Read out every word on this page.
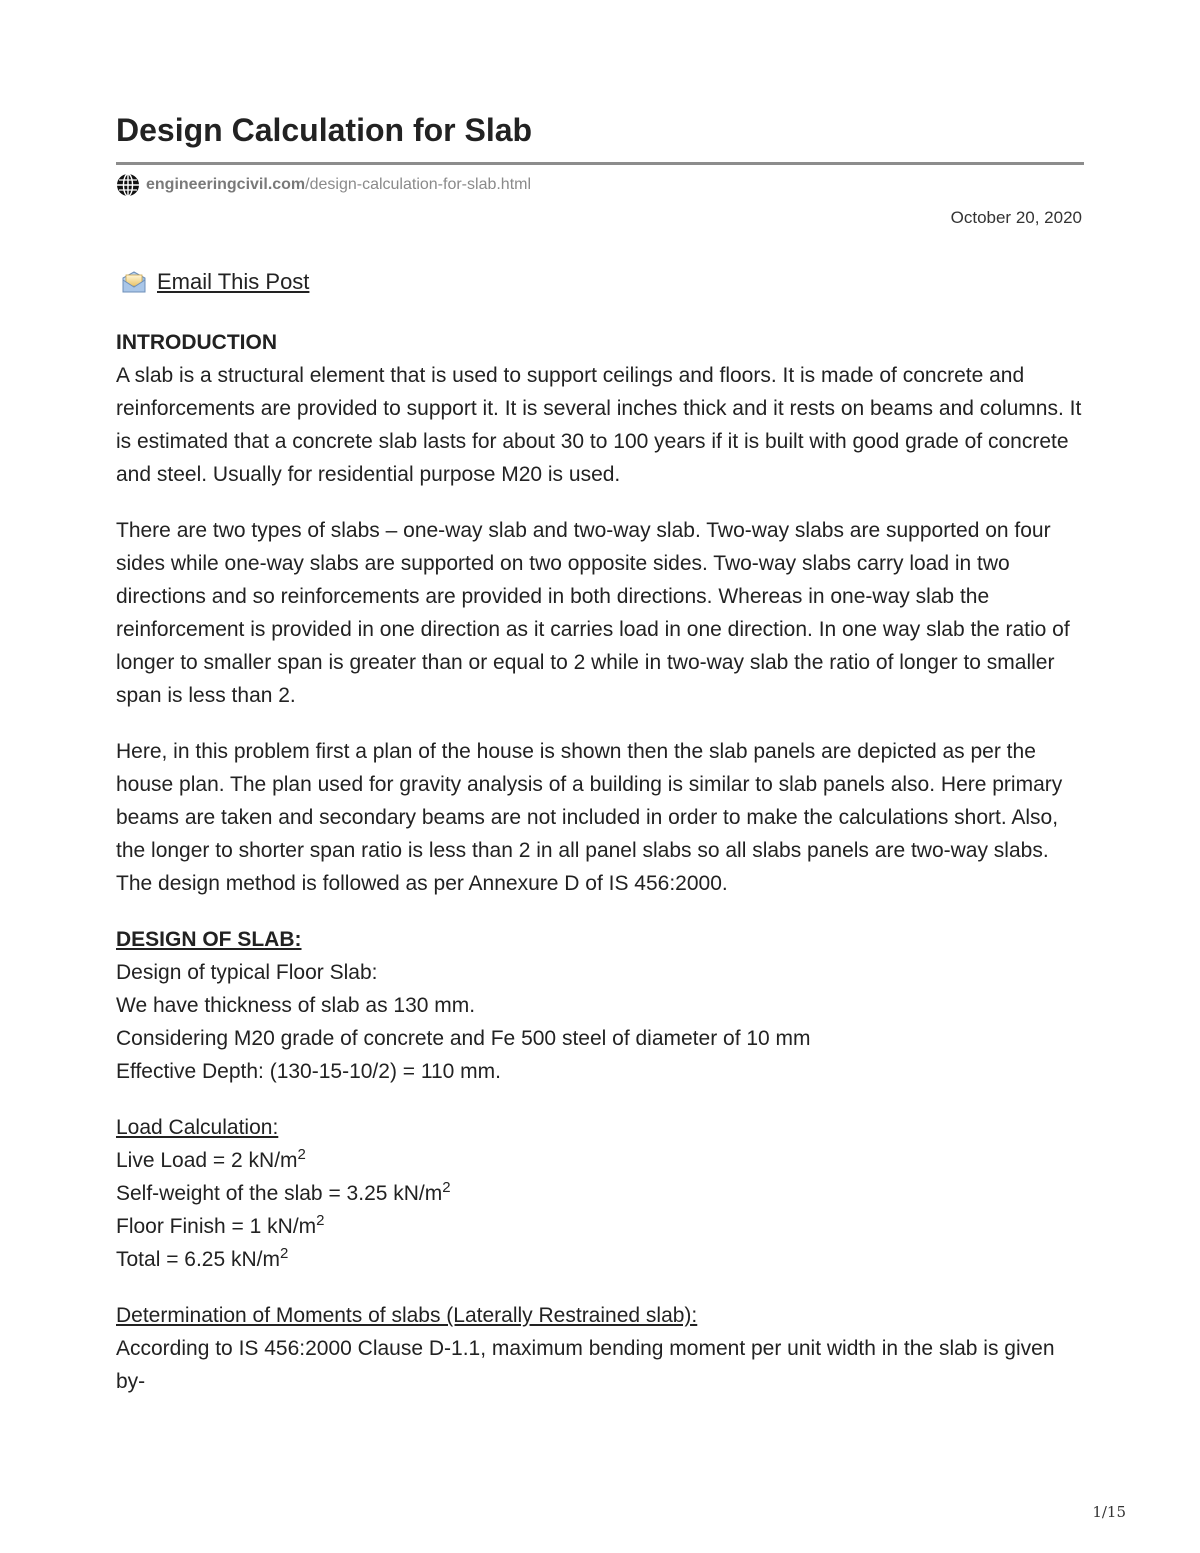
Design Calculation for Slab
engineeringcivil.com /design-calculation-for-slab.html
October 20, 2020
Email This Post

INTRODUCTION
A slab is a structural element that is used to support ceilings and floors. It is made of concrete and reinforcements are provided to support it. It is several inches thick and it rests on beams and columns. It is estimated that a concrete slab lasts for about 30 to 100 years if it is built with good grade of concrete and steel. Usually for residential purpose M20 is used.

There are two types of slabs – one-way slab and two-way slab. Two-way slabs are supported on four sides while one-way slabs are supported on two opposite sides. Two-way slabs carry load in two directions and so reinforcements are provided in both directions. Whereas in one-way slab the reinforcement is provided in one direction as it carries load in one direction. In one way slab the ratio of longer to smaller span is greater than or equal to 2 while in two-way slab the ratio of longer to smaller span is less than 2.

Here, in this problem first a plan of the house is shown then the slab panels are depicted as per the house plan. The plan used for gravity analysis of a building is similar to slab panels also. Here primary beams are taken and secondary beams are not included in order to make the calculations short. Also, the longer to shorter span ratio is less than 2 in all panel slabs so all slabs panels are two-way slabs. The design method is followed as per Annexure D of IS 456:2000.

DESIGN OF SLAB:
Design of typical Floor Slab:
We have thickness of slab as 130 mm.
Considering M20 grade of concrete and Fe 500 steel of diameter of 10 mm
Effective Depth: (130-15-10/2) = 110 mm.

Load Calculation:
Live Load = 2 $kN/m^2$
Self-weight of the slab = 3.25 $kN/m^2$
Floor Finish = 1 $kN/m^2$
Total = 6.25 $kN/m^2$

Determination of Moments of slabs (Laterally Restrained slab):
According to IS 456:2000 Clause D-1.1, maximum bending moment per unit width in the slab is given by-

1/15
